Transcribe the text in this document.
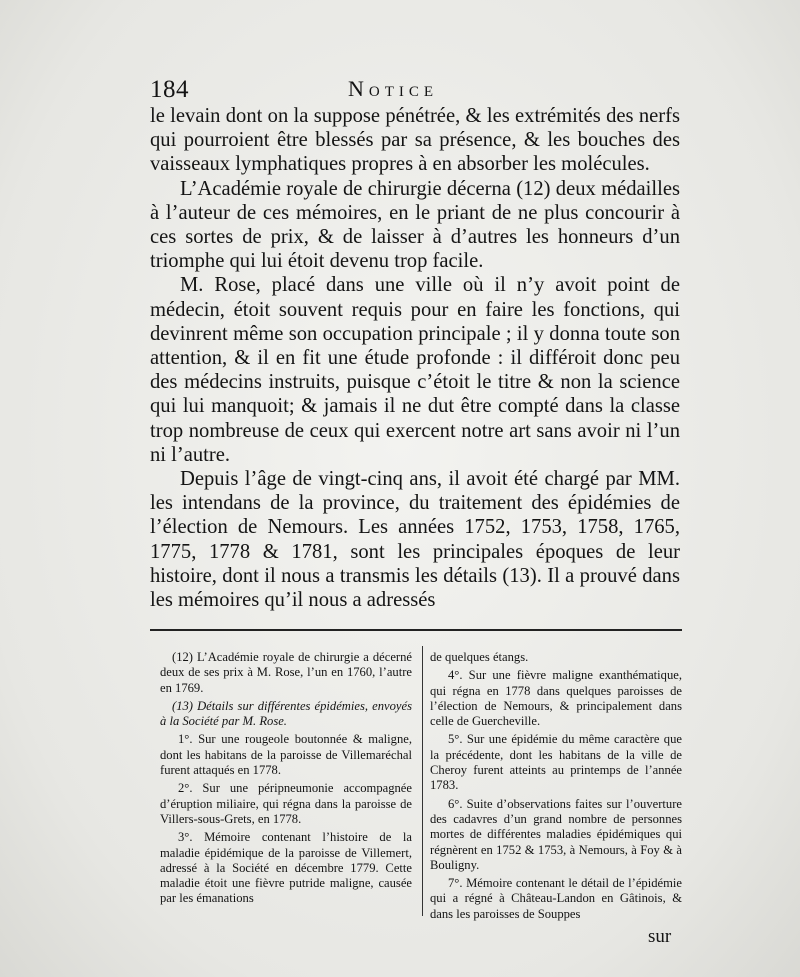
184	Notice

le levain dont on la suppose pénétrée, & les extrémités des nerfs qui pourroient être blessés par sa présence, & les bouches des vaisseaux lymphatiques propres à en absorber les molécules.

L’Académie royale de chirurgie décerna (12) deux médailles à l’auteur de ces mémoires, en le priant de ne plus concourir à ces sortes de prix, & de laisser à d’autres les honneurs d’un triomphe qui lui étoit devenu trop facile.

M. Rose, placé dans une ville où il n’y avoit point de médecin, étoit souvent requis pour en faire les fonctions, qui devinrent même son occupation principale ; il y donna toute son attention, & il en fit une étude profonde : il différoit donc peu des médecins instruits, puisque c’étoit le titre & non la science qui lui manquoit; & jamais il ne dut être compté dans la classe trop nombreuse de ceux qui exercent notre art sans avoir ni l’un ni l’autre.

Depuis l’âge de vingt-cinq ans, il avoit été chargé par MM. les intendans de la province, du traitement des épidémies de l’élection de Nemours. Les années 1752, 1753, 1758, 1765, 1775, 1778 & 1781, sont les principales époques de leur histoire, dont il nous a transmis les détails (13). Il a prouvé dans les mémoires qu’il nous a adressés

(12) L’Académie royale de chirurgie a décerné deux de ses prix à M. Rose, l’un en 1760, l’autre en 1769.

(13) Détails sur différentes épidémies, envoyés à la Société par M. Rose.

1°. Sur une rougeole boutonnée & maligne, dont les habitans de la paroisse de Villemaréchal furent attaqués en 1778.

2°. Sur une péripneumonie accompagnée d’éruption miliaire, qui régna dans la paroisse de Villers-sous-Grets, en 1778.

3°. Mémoire contenant l’histoire de la maladie épidémique de la paroisse de Villemert, adressé à la Société en décembre 1779. Cette maladie étoit une fièvre putride maligne, causée par les émanations

de quelques étangs.

4°. Sur une fièvre maligne exanthématique, qui régna en 1778 dans quelques paroisses de l’élection de Nemours, & principalement dans celle de Guercheville.

5°. Sur une épidémie du même caractère que la précédente, dont les habitans de la ville de Cheroy furent atteints au printemps de l’année 1783.

6°. Suite d’observations faites sur l’ouverture des cadavres d’un grand nombre de personnes mortes de différentes maladies épidémiques qui régnèrent en 1752 & 1753, à Nemours, à Foy & à Bouligny.

7°. Mémoire contenant le détail de l’épidémie qui a régné à Château-Landon en Gâtinois, & dans les paroisses de Souppes

sur
